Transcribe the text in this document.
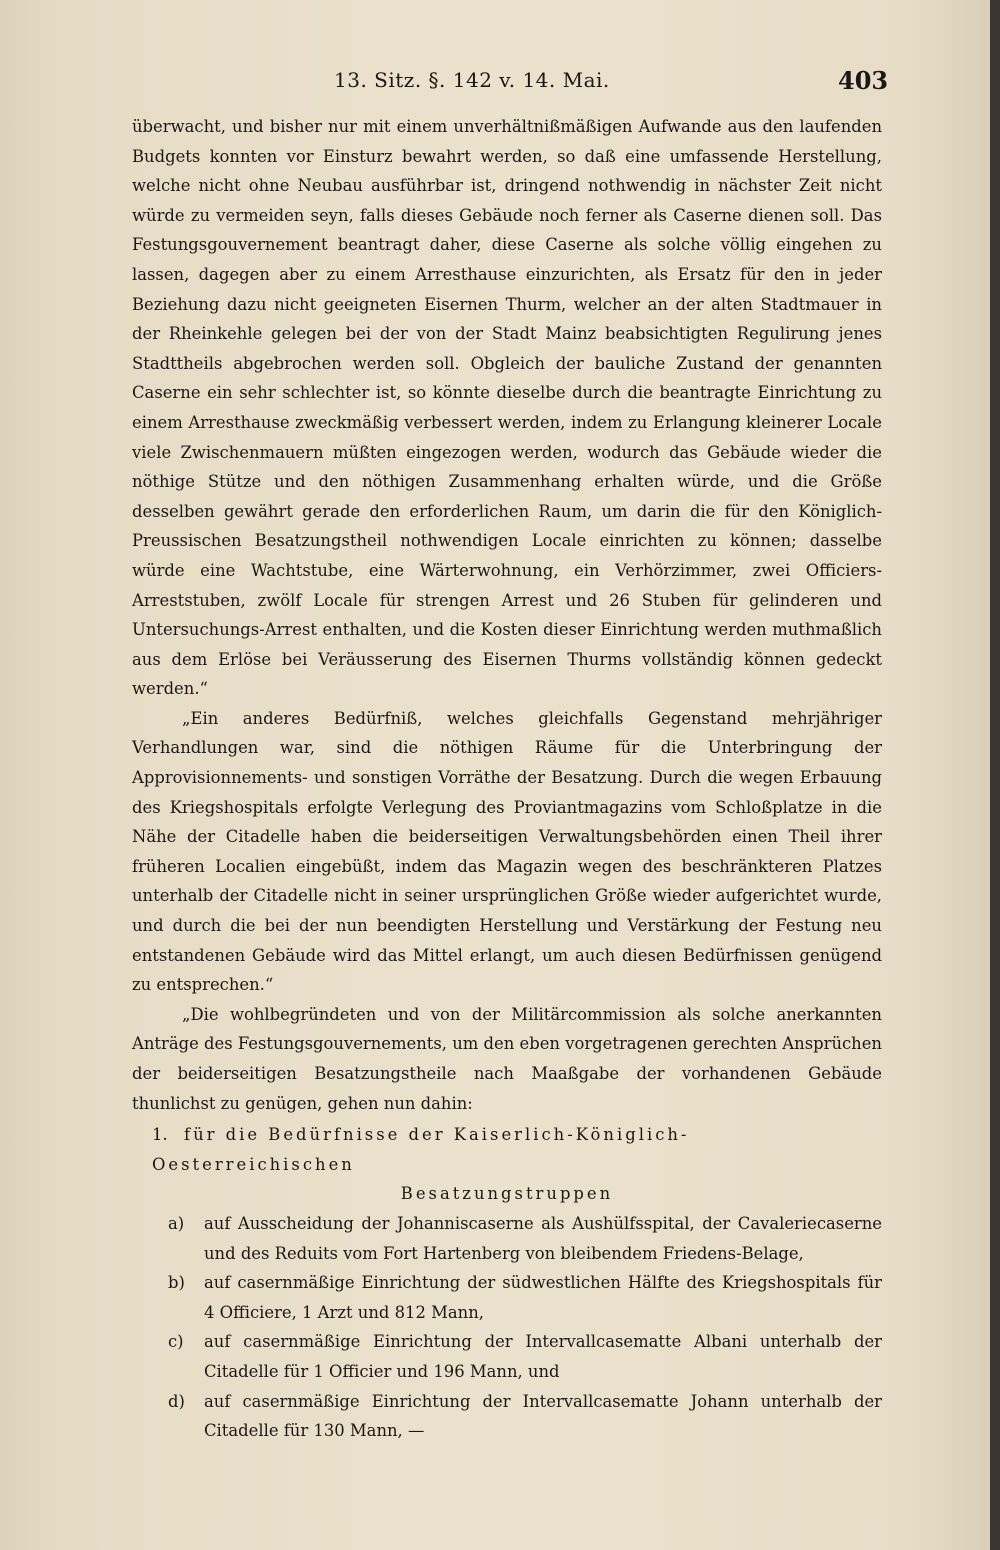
13. Sitz. §. 142 v. 14. Mai.	403

überwacht, und bisher nur mit einem unverhältnißmäßigen Aufwande aus den laufenden Budgets konnten vor Einsturz bewahrt werden, so daß eine umfassende Herstellung, welche nicht ohne Neubau ausführbar ist, dringend nothwendig in nächster Zeit nicht würde zu vermeiden seyn, falls dieses Gebäude noch ferner als Caserne dienen soll. Das Festungsgouvernement beantragt daher, diese Caserne als solche völlig eingehen zu lassen, dagegen aber zu einem Arresthause einzurichten, als Ersatz für den in jeder Beziehung dazu nicht geeigneten Eisernen Thurm, welcher an der alten Stadtmauer in der Rheinkehle gelegen bei der von der Stadt Mainz beabsichtigten Regulirung jenes Stadttheils abgebrochen werden soll. Obgleich der bauliche Zustand der genannten Caserne ein sehr schlechter ist, so könnte dieselbe durch die beantragte Einrichtung zu einem Arresthause zweckmäßig verbessert werden, indem zu Erlangung kleinerer Locale viele Zwischenmauern müßten eingezogen werden, wodurch das Gebäude wieder die nöthige Stütze und den nöthigen Zusammenhang erhalten würde, und die Größe desselben gewährt gerade den erforderlichen Raum, um darin die für den Königlich-Preussischen Besatzungstheil nothwendigen Locale einrichten zu können; dasselbe würde eine Wachtstube, eine Wärterwohnung, ein Verhörzimmer, zwei Officiers-Arreststuben, zwölf Locale für strengen Arrest und 26 Stuben für gelinderen und Untersuchungs-Arrest enthalten, und die Kosten dieser Einrichtung werden muthmaßlich aus dem Erlöse bei Veräusserung des Eisernen Thurms vollständig können gedeckt werden.“

„Ein anderes Bedürfniß, welches gleichfalls Gegenstand mehrjähriger Verhandlungen war, sind die nöthigen Räume für die Unterbringung der Approvisionnements- und sonstigen Vorräthe der Besatzung. Durch die wegen Erbauung des Kriegshospitals erfolgte Verlegung des Proviantmagazins vom Schloßplatze in die Nähe der Citadelle haben die beiderseitigen Verwaltungsbehörden einen Theil ihrer früheren Localien eingebüßt, indem das Magazin wegen des beschränkteren Platzes unterhalb der Citadelle nicht in seiner ursprünglichen Größe wieder aufgerichtet wurde, und durch die bei der nun beendigten Herstellung und Verstärkung der Festung neu entstandenen Gebäude wird das Mittel erlangt, um auch diesen Bedürfnissen genügend zu entsprechen.“

„Die wohlbegründeten und von der Militärcommission als solche anerkannten Anträge des Festungsgouvernements, um den eben vorgetragenen gerechten Ansprüchen der beiderseitigen Besatzungstheile nach Maaßgabe der vorhandenen Gebäude thunlichst zu genügen, gehen nun dahin:

1. für die Bedürfnisse der Kaiserlich-Königlich-Oesterreichischen

Besatzungstruppen

a) auf Ausscheidung der Johanniscaserne als Aushülfsspital, der Cavaleriecaserne und des Reduits vom Fort Hartenberg von bleibendem Friedens-Belage,

b) auf casernmäßige Einrichtung der südwestlichen Hälfte des Kriegshospitals für 4 Officiere, 1 Arzt und 812 Mann,

c) auf casernmäßige Einrichtung der Intervallcasematte Albani unterhalb der Citadelle für 1 Officier und 196 Mann, und

d) auf casernmäßige Einrichtung der Intervallcasematte Johann unterhalb der Citadelle für 130 Mann, —
